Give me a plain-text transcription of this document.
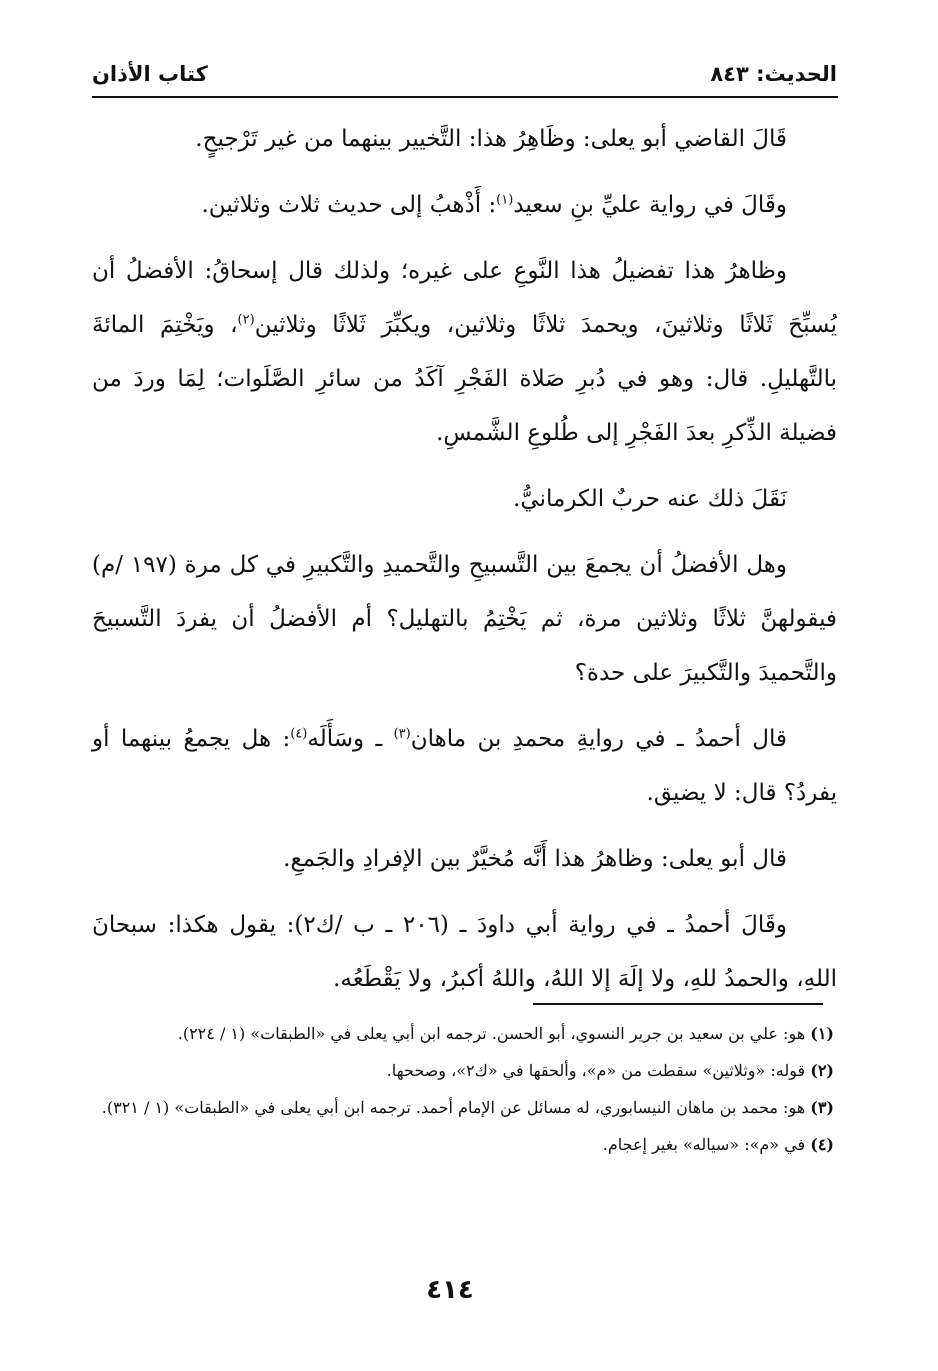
الحديث: ٨٤٣
كتاب الأذان

قَالَ القاضي أبو يعلى: وظَاهِرُ هذا: التَّخيير بينهما من غير تَرْجيحٍ.

وقَالَ في رواية عليِّ بنِ سعيد$^{(١)}$: أَذْهبُ إلى حديث ثلاث وثلاثين.

وظاهرُ هذا تفضيلُ هذا النَّوعِ على غيره؛ ولذلك قال إسحاقُ: الأفضلُ أن يُسبِّحَ ثَلاثًا وثلاثينَ، ويحمدَ ثلاثًا وثلاثين، ويكبِّرَ ثَلاثًا وثلاثين$^{(٢)}$، ويَخْتِمَ المائةَ بالتَّهليلِ. قال: وهو في دُبرِ صَلاة الفَجْرِ آكَدُ من سائرِ الصَّلَوات؛ لِمَا وردَ من فضيلة الذِّكرِ بعدَ الفَجْرِ إلى طُلوعِ الشَّمسِ.

نَقَلَ ذلك عنه حربٌ الكرمانيُّ.

وهل الأفضلُ أن يجمعَ بين التَّسبيحِ والتَّحميدِ والتَّكبيرِ في كل مرة (١٩٧ /م) فيقولهنَّ ثلاثًا وثلاثين مرة، ثم يَخْتِمُ بالتهليل؟ أم الأفضلُ أن يفردَ التَّسبيحَ والتَّحميدَ والتَّكبيرَ على حدة؟

قال أحمدُ ـ في روايةِ محمدِ بن ماهان$^{(٣)}$ ـ وسَأَلَه$^{(٤)}$: هل يجمعُ بينهما أو يفردُ؟ قال: لا يضيق.

قال أبو يعلى: وظاهرُ هذا أَنَّه مُخيَّرٌ بين الإفرادِ والجَمعِ.

وقَالَ أحمدُ ـ في رواية أبي داودَ ـ (٢٠٦ ـ ب /ك٢): يقول هكذا: سبحانَ اللهِ، والحمدُ للهِ، ولا إلَهَ إلا اللهُ، واللهُ أكبرُ، ولا يَقْطَعُه.

(١) هو: علي بن سعيد بن جرير النسوي، أبو الحسن. ترجمه ابن أبي يعلى في «الطبقات» (١ / ٢٢٤).
(٢) قوله: «وثلاثين» سقطت من «م»، وألحقها في «ك٢»، وصححها.
(٣) هو: محمد بن ماهان النيسابوري، له مسائل عن الإمام أحمد. ترجمه ابن أبي يعلى في «الطبقات» (١ / ٣٢١).
(٤) في «م»: «سياله» بغير إعجام.
٤١٤
